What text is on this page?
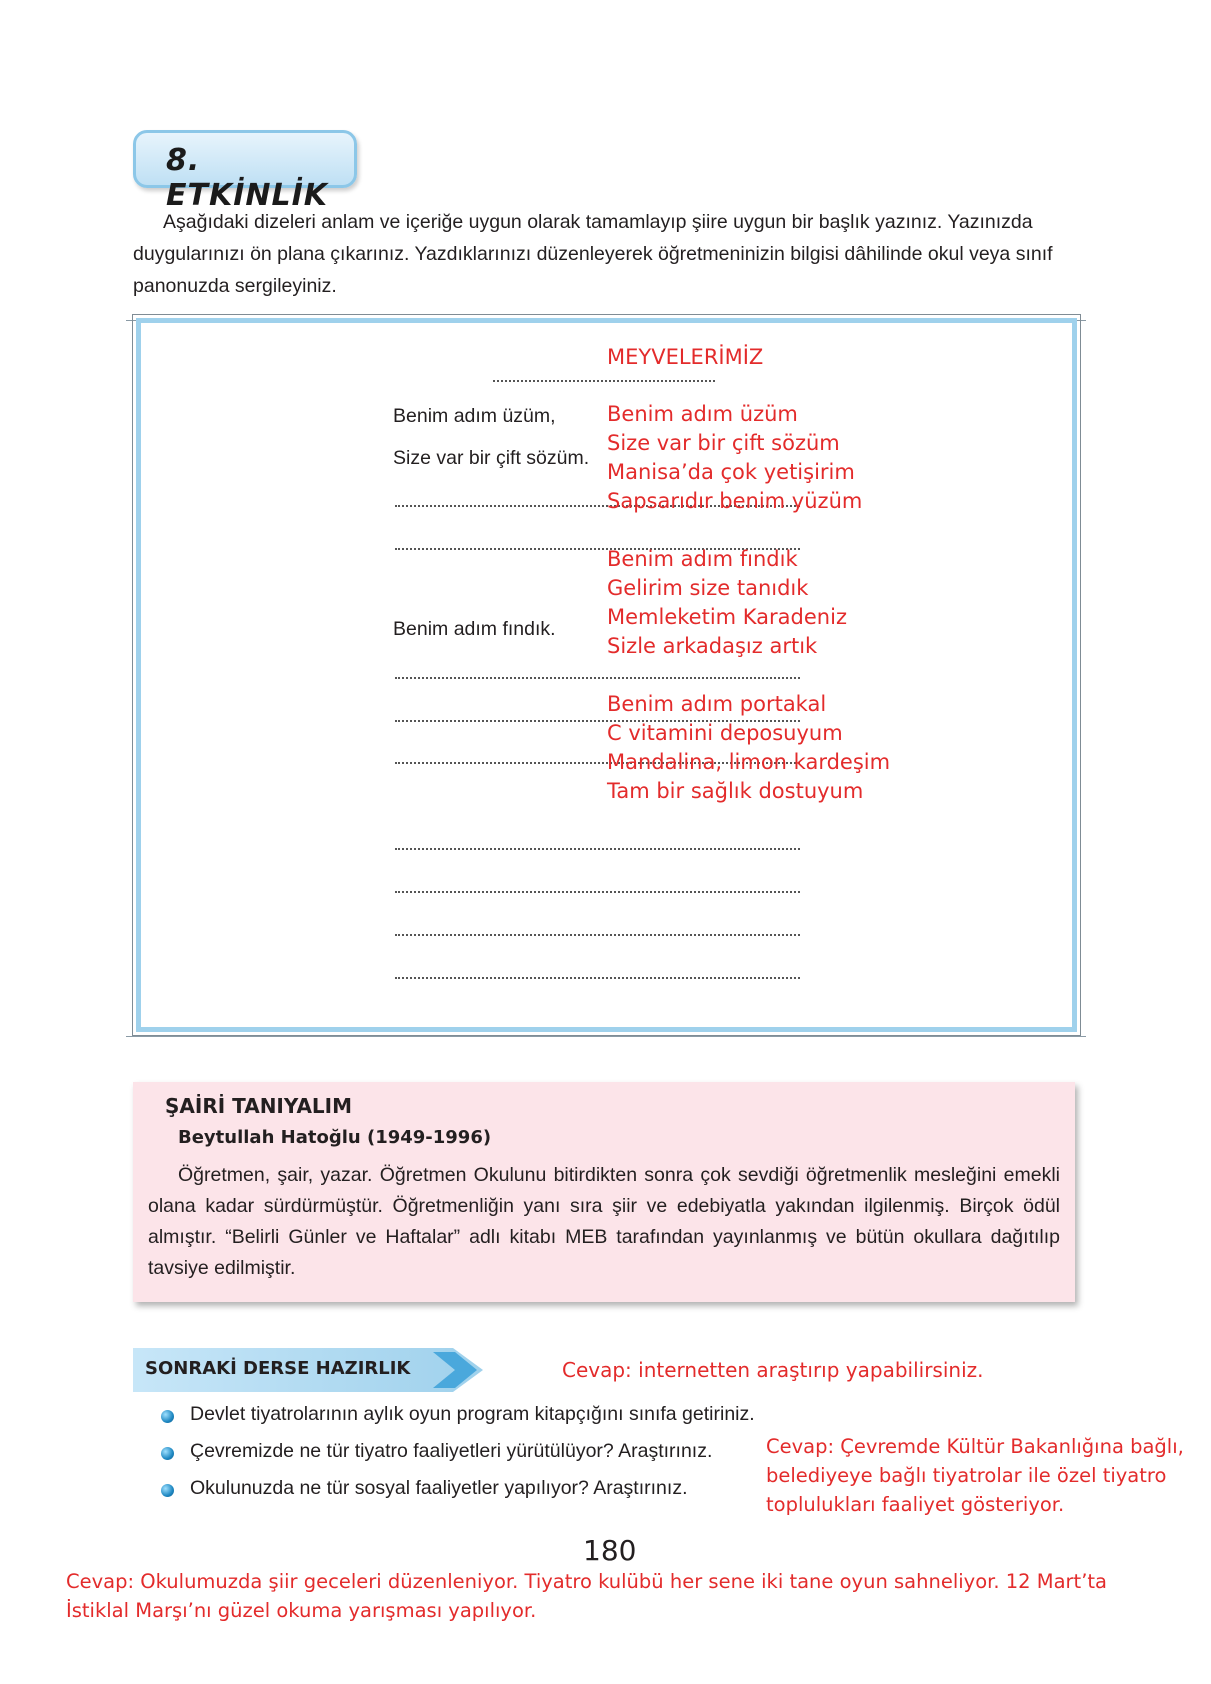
8. ETKİNLİK
Aşağıdaki dizeleri anlam ve içeriğe uygun olarak tamamlayıp şiire uygun bir başlık yazınız. Yazınızda duygularınızı ön plana çıkarınız. Yazdıklarınızı düzenleyerek öğretmeninizin bilgisi dâhilinde okul veya sınıf panonuzda sergileyiniz.
MEYVELERİMİZ
Benim adım üzüm,
Size var bir çift sözüm.
Benim adım fındık.
Benim adım üzüm
Size var bir çift sözüm
Manisa’da çok yetişirim
Sapsarıdır benim yüzüm
Benim adım fındık
Gelirim size tanıdık
Memleketim Karadeniz
Sizle arkadaşız artık
Benim adım portakal
C vitamini deposuyum
Mandalina, limon kardeşim
Tam bir sağlık dostuyum
ŞAİRİ TANIYALIM
Beytullah Hatoğlu (1949-1996)
Öğretmen, şair, yazar. Öğretmen Okulunu bitirdikten sonra çok sevdiği öğretmenlik mesleğini emekli olana kadar sürdürmüştür. Öğretmenliğin yanı sıra şiir ve edebiyatla yakından ilgilenmiş. Birçok ödül almıştır. “Belirli Günler ve Haftalar” adlı kitabı MEB tarafından yayınlanmış ve bütün okullara dağıtılıp tavsiye edilmiştir.
SONRAKİ DERSE HAZIRLIK	Cevap: internetten araştırıp yapabilirsiniz.
Devlet tiyatrolarının aylık oyun program kitapçığını sınıfa getiriniz.
Çevremizde ne tür tiyatro faaliyetleri yürütülüyor? Araştırınız.
Okulunuzda ne tür sosyal faaliyetler yapılıyor? Araştırınız.
Cevap: Çevremde Kültür Bakanlığına bağlı,
belediyeye bağlı tiyatrolar ile özel tiyatro
toplulukları faaliyet gösteriyor.
180
Cevap: Okulumuzda şiir geceleri düzenleniyor. Tiyatro kulübü her sene iki tane oyun sahneliyor. 12 Mart’ta
İstiklal Marşı’nı güzel okuma yarışması yapılıyor.
